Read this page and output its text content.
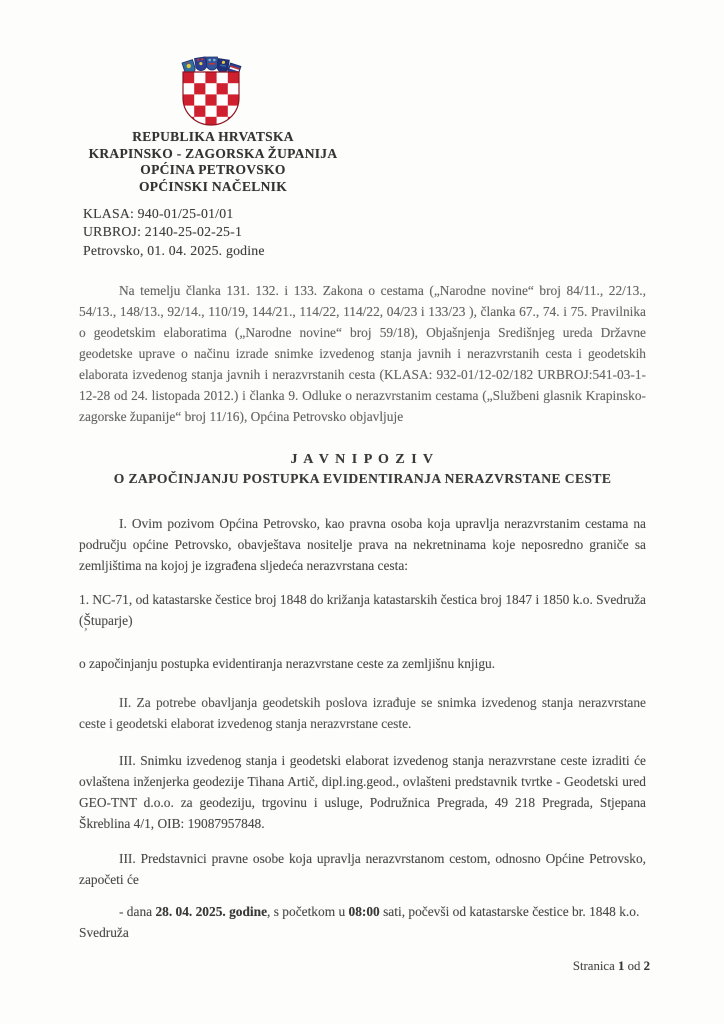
REPUBLIKA HRVATSKA
KRAPINSKO - ZAGORSKA ŽUPANIJA
OPĆINA PETROVSKO
OPĆINSKI NAČELNIK
KLASA: 940-01/25-01/01
URBROJ: 2140-25-02-25-1
Petrovsko, 01. 04. 2025. godine

Na temelju članka 131. 132. i 133. Zakona o cestama („Narodne novine“ broj 84/11., 22/13., 54/13., 148/13., 92/14., 110/19, 144/21., 114/22, 114/22, 04/23 i 133/23 ), članka 67., 74. i 75. Pravilnika o geodetskim elaboratima („Narodne novine“ broj 59/18), Objašnjenja Središnjeg ureda Državne geodetske uprave o načinu izrade snimke izvedenog stanja javnih i nerazvrstanih cesta i geodetskih elaborata izvedenog stanja javnih i nerazvrstanih cesta (KLASA: 932-01/12-02/182 URBROJ:541-03-1-12-28 od 24. listopada 2012.) i članka 9. Odluke o nerazvrstanim cestama („Službeni glasnik Krapinsko-zagorske županije“ broj 11/16), Općina Petrovsko objavljuje

’
J A V N I P O Z I V
O ZAPOČINJANJU POSTUPKA EVIDENTIRANJA NERAZVRSTANE CESTE

I. Ovim pozivom Općina Petrovsko, kao pravna osoba koja upravlja nerazvrstanim cestama na području općine Petrovsko, obavještava nositelje prava na nekretninama koje neposredno graniče sa zemljištima na kojoj je izgrađena sljedeća nerazvrstana cesta:

1. NC-71, od katastarske čestice broj 1848 do križanja katastarskih čestica broj 1847 i 1850 k.o. Svedruža (Štuparje)

o započinjanju postupka evidentiranja nerazvrstane ceste za zemljišnu knjigu.

II. Za potrebe obavljanja geodetskih poslova izrađuje se snimka izvedenog stanja nerazvrstane ceste i geodetski elaborat izvedenog stanja nerazvrstane ceste.

III. Snimku izvedenog stanja i geodetski elaborat izvedenog stanja nerazvrstane ceste izraditi će ovlaštena inženjerka geodezije Tihana Artič, dipl.ing.geod., ovlašteni predstavnik tvrtke - Geodetski ured GEO-TNT d.o.o. za geodeziju, trgovinu i usluge, Podružnica Pregrada, 49 218 Pregrada, Stjepana Škreblina 4/1, OIB: 19087957848.

III. Predstavnici pravne osobe koja upravlja nerazvrstanom cestom, odnosno Općine Petrovsko, započeti će

- dana 28. 04. 2025. godine, s početkom u 08:00 sati, počevši od katastarske čestice br. 1848 k.o. Svedruža

Stranica 1 od 2
